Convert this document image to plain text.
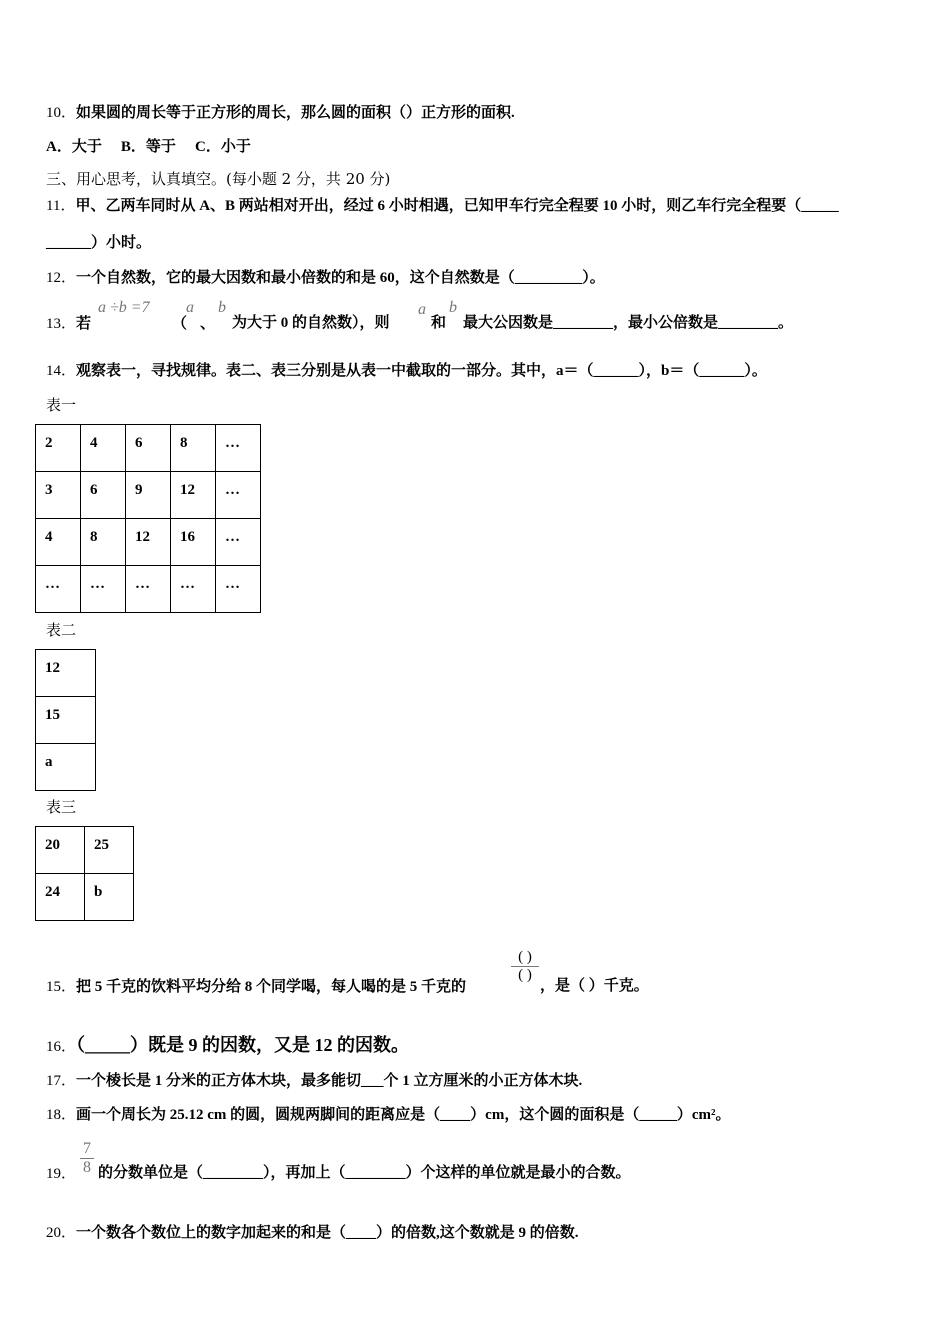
10．如果圆的周长等于正方形的周长，那么圆的面积（）正方形的面积.
A．大于 B．等于 C．小于
三、用心思考，认真填空。(每小题 2 分，共 20 分)
11．甲、乙两车同时从 A、B 两站相对开出，经过 6 小时相遇，已知甲车行完全程要 10 小时，则乙车行完全程要（_____
______）小时。
12．一个自然数，它的最大因数和最小倍数的和是 60，这个自然数是（_________）。
13．若
a ÷b =7
（
a
、
b
为大于 0 的自然数），则
a
和
b
最大公因数是________，最小公倍数是________。
14．观察表一，寻找规律。表二、表三分别是从表一中截取的一部分。其中，a＝（______），b＝（______）。
表一
2	4	6	8	…
3	6	9	12	…
4	8	12	16	…
…	…	…	…	…
表二
12
15
a
表三
20	25
24	b
15．把 5 千克的饮料平均分给 8 个同学喝，每人喝的是 5 千克的
( )
( )
，是（ ）千克。
16．（_____）既是 9 的因数，又是 12 的因数。
17．一个棱长是 1 分米的正方体木块，最多能切___个 1 立方厘米的小正方体木块.
18．画一个周长为 25.12 cm 的圆，圆规两脚间的距离应是（____）cm，这个圆的面积是（_____）cm²。
19． $\frac{7}{8}$ 的分数单位是（________），再加上（________）个这样的单位就是最小的合数。
20．一个数各个数位上的数字加起来的和是（____）的倍数,这个数就是 9 的倍数.
